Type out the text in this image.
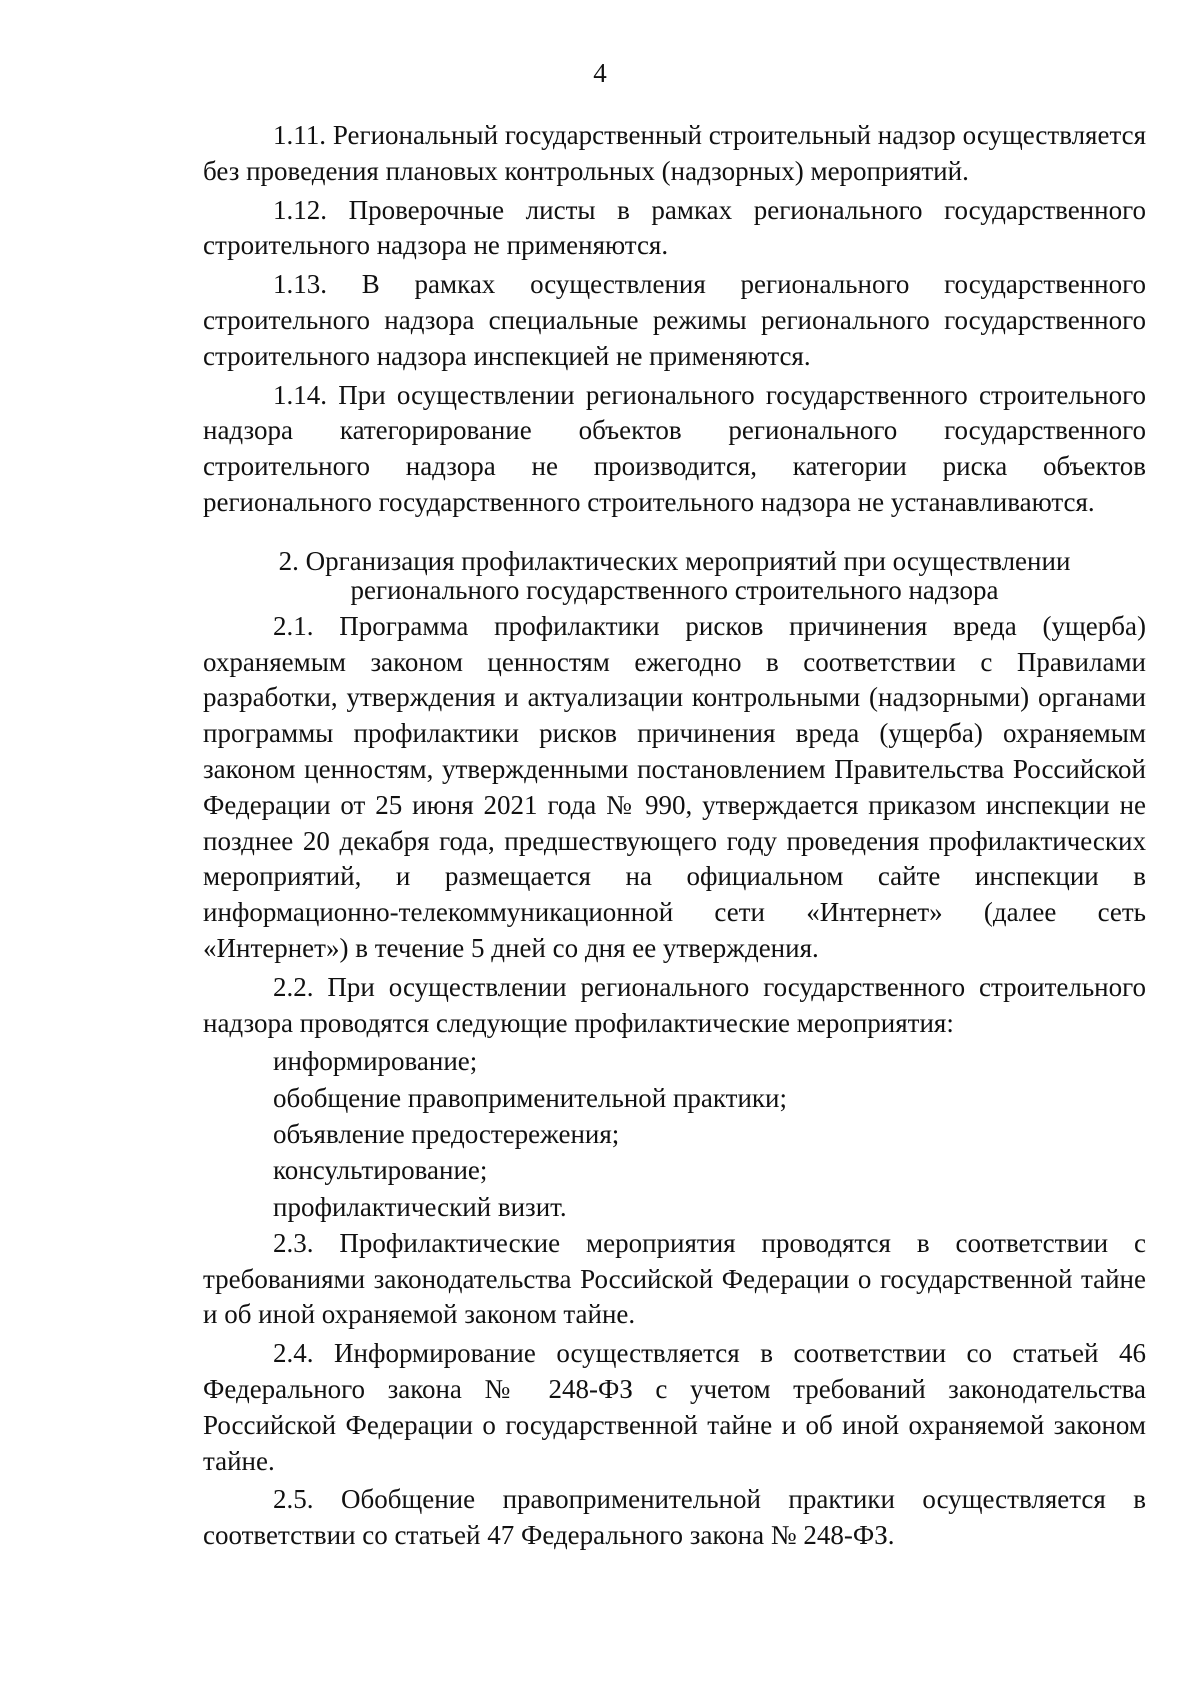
4

1.11. Региональный государственный строительный надзор осуществляется без проведения плановых контрольных (надзорных) мероприятий.

1.12. Проверочные листы в рамках регионального государственного строительного надзора не применяются.

1.13. В рамках осуществления регионального государственного строительного надзора специальные режимы регионального государственного строительного надзора инспекцией не применяются.

1.14. При осуществлении регионального государственного строительного надзора категорирование объектов регионального государственного строительного надзора не производится, категории риска объектов регионального государственного строительного надзора не устанавливаются.

2. Организация профилактических мероприятий при осуществлении
регионального государственного строительного надзора

2.1. Программа профилактики рисков причинения вреда (ущерба) охраняемым законом ценностям ежегодно в соответствии с Правилами разработки, утверждения и актуализации контрольными (надзорными) органами программы профилактики рисков причинения вреда (ущерба) охраняемым законом ценностям, утвержденными постановлением Правительства Российской Федерации от 25 июня 2021 года № 990, утверждается приказом инспекции не позднее 20 декабря года, предшествующего году проведения профилактических мероприятий, и размещается на официальном сайте инспекции в информационно-телекоммуникационной сети «Интернет» (далее сеть «Интернет») в течение 5 дней со дня ее утверждения.

2.2. При осуществлении регионального государственного строительного надзора проводятся следующие профилактические мероприятия:

информирование;
обобщение правоприменительной практики;
объявление предостережения;
консультирование;
профилактический визит.

2.3. Профилактические мероприятия проводятся в соответствии с требованиями законодательства Российской Федерации о государственной тайне и об иной охраняемой законом тайне.

2.4. Информирование осуществляется в соответствии со статьей 46 Федерального закона № 248-ФЗ с учетом требований законодательства Российской Федерации о государственной тайне и об иной охраняемой законом тайне.

2.5. Обобщение правоприменительной практики осуществляется в соответствии со статьей 47 Федерального закона № 248-ФЗ.
